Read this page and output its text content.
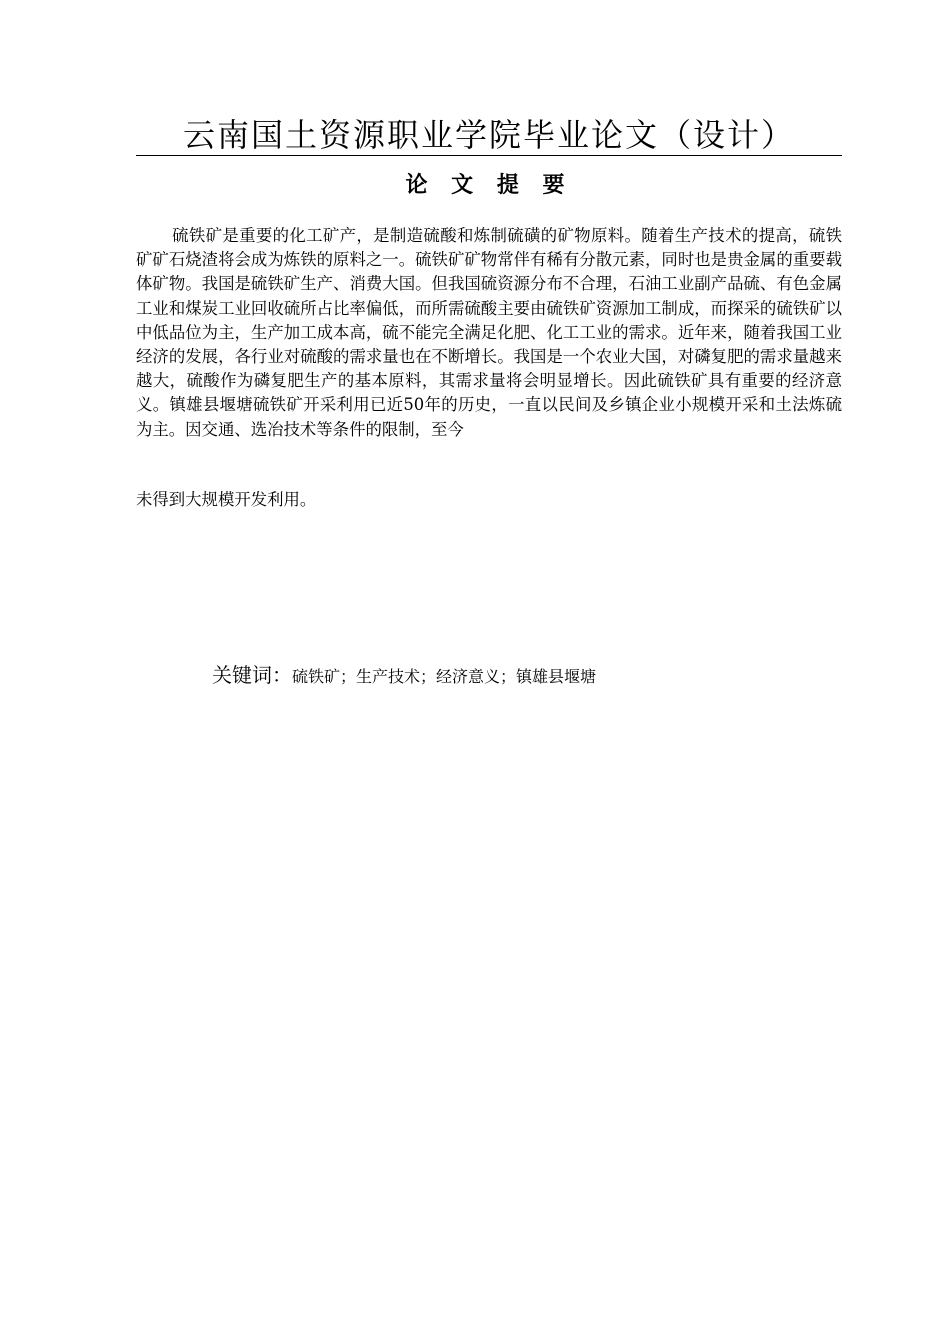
云南国土资源职业学院毕业论文（设计）
论 文 提 要

硫铁矿是重要的化工矿产，是制造硫酸和炼制硫磺的矿物原料。随着生产技术的提高，硫铁矿矿石烧渣将会成为炼铁的原料之一。硫铁矿矿物常伴有稀有分散元素，同时也是贵金属的重要载体矿物。我国是硫铁矿生产、消费大国。但我国硫资源分布不合理，石油工业副产品硫、有色金属工业和煤炭工业回收硫所占比率偏低，而所需硫酸主要由硫铁矿资源加工制成，而探采的硫铁矿以中低品位为主，生产加工成本高，硫不能完全满足化肥、化工工业的需求。近年来，随着我国工业经济的发展，各行业对硫酸的需求量也在不断增长。我国是一个农业大国，对磷复肥的需求量越来越大，硫酸作为磷复肥生产的基本原料，其需求量将会明显增长。因此硫铁矿具有重要的经济意义。镇雄县堰塘硫铁矿开采利用已近50年的历史，一直以民间及乡镇企业小规模开采和土法炼硫为主。因交通、选冶技术等条件的限制，至今

未得到大规模开发利用。

关键词：硫铁矿；生产技术；经济意义；镇雄县堰塘
